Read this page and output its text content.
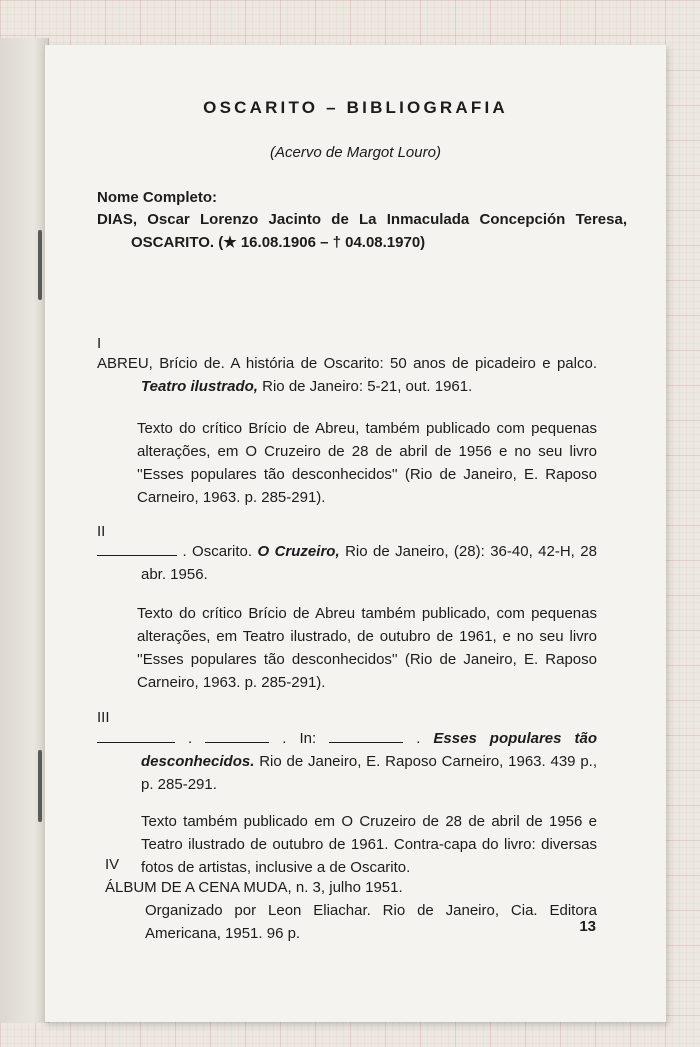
OSCARITO – BIBLIOGRAFIA
(Acervo de Margot Louro)
Nome Completo:
DIAS, Oscar Lorenzo Jacinto de La Inmaculada Concepción Teresa, OSCARITO. (★ 16.08.1906 – † 04.08.1970)
I
ABREU, Brício de. A história de Oscarito: 50 anos de picadeiro e palco. Teatro ilustrado, Rio de Janeiro: 5-21, out. 1961.
Texto do crítico Brício de Abreu, também publicado com pequenas alterações, em O Cruzeiro de 28 de abril de 1956 e no seu livro ''Esses populares tão desconhecidos'' (Rio de Janeiro, E. Raposo Carneiro, 1963. p. 285-291).
II
. Oscarito. O Cruzeiro, Rio de Janeiro, (28): 36-40, 42-H, 28 abr. 1956.
Texto do crítico Brício de Abreu também publicado, com pequenas alterações, em Teatro ilustrado, de outubro de 1961, e no seu livro ''Esses populares tão desconhecidos'' (Rio de Janeiro, E. Raposo Carneiro, 1963. p. 285-291).
III
.	. In:	. Esses populares tão desconhecidos. Rio de Janeiro, E. Raposo Carneiro, 1963. 439 p., p. 285-291.
Texto também publicado em O Cruzeiro de 28 de abril de 1956 e Teatro ilustrado de outubro de 1961. Contra-capa do livro: diversas fotos de artistas, inclusive a de Oscarito.
IV
ÁLBUM DE A CENA MUDA, n. 3, julho 1951.
Organizado por Leon Eliachar. Rio de Janeiro, Cia. Editora Americana, 1951. 96 p.	13
